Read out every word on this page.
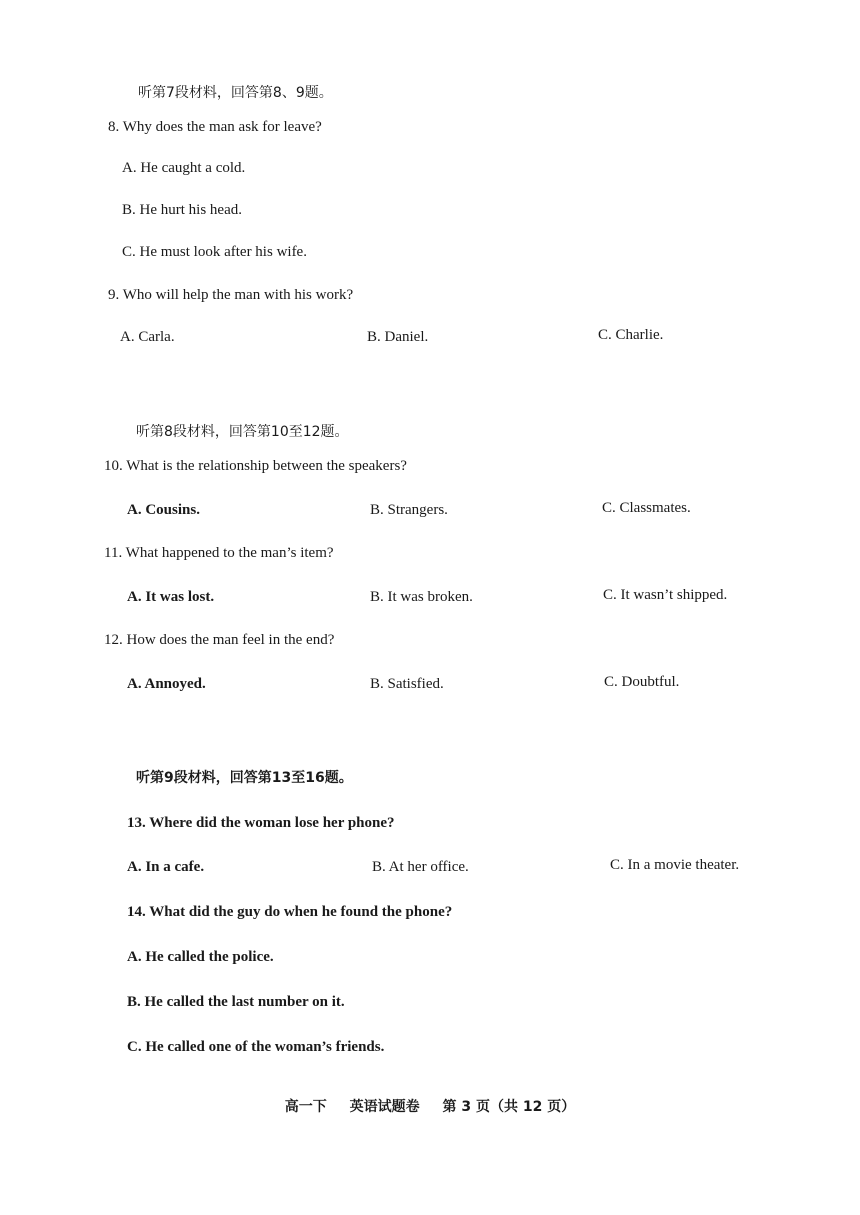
听第7段材料，回答第8、9题。
8. Why does the man ask for leave?
A. He caught a cold.
B. He hurt his head.
C. He must look after his wife.
9. Who will help the man with his work?
A. Carla.	B. Daniel.	C. Charlie.
听第8段材料，回答第10至12题。
10. What is the relationship between the speakers?
A. Cousins.	B. Strangers.	C. Classmates.
11. What happened to the man’s item?
A. It was lost.	B. It was broken.	C. It wasn’t shipped.
12. How does the man feel in the end?
A. Annoyed.	B. Satisfied.	C. Doubtful.
听第9段材料，回答第13至16题。
13. Where did the woman lose her phone?
A. In a cafe.	B. At her office.	C. In a movie theater.
14. What did the guy do when he found the phone?
A. He called the police.
B. He called the last number on it.
C. He called one of the woman’s friends.
高一下 英语试题卷 第 3 页（共 12 页）
